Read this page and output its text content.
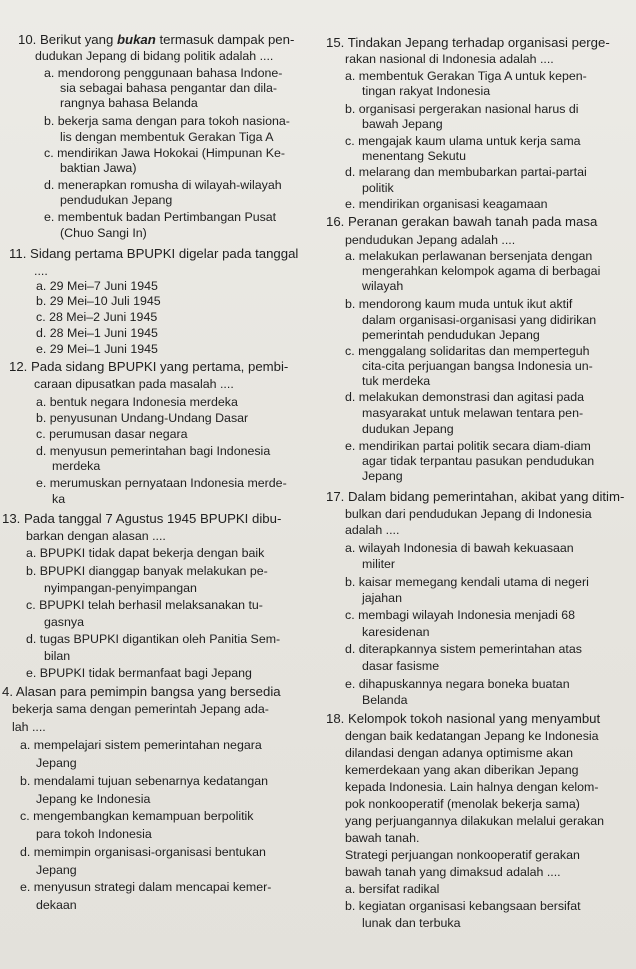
10. Berikut yang bukan termasuk dampak pen-
dudukan Jepang di bidang politik adalah ....
a. mendorong penggunaan bahasa Indone-
sia sebagai bahasa pengantar dan dila-
rangnya bahasa Belanda
b. bekerja sama dengan para tokoh nasiona-
lis dengan membentuk Gerakan Tiga A
c. mendirikan Jawa Hokokai (Himpunan Ke-
baktian Jawa)
d. menerapkan romusha di wilayah-wilayah
pendudukan Jepang
e. membentuk badan Pertimbangan Pusat
(Chuo Sangi In)
11. Sidang pertama BPUPKI digelar pada tanggal
....
a. 29 Mei–7 Juni 1945
b. 29 Mei–10 Juli 1945
c. 28 Mei–2 Juni 1945
d. 28 Mei–1 Juni 1945
e. 29 Mei–1 Juni 1945
12. Pada sidang BPUPKI yang pertama, pembi-
caraan dipusatkan pada masalah ....
a. bentuk negara Indonesia merdeka
b. penyusunan Undang-Undang Dasar
c. perumusan dasar negara
d. menyusun pemerintahan bagi Indonesia
merdeka
e. merumuskan pernyataan Indonesia merde-
ka
13. Pada tanggal 7 Agustus 1945 BPUPKI dibu-
barkan dengan alasan ....
a. BPUPKI tidak dapat bekerja dengan baik
b. BPUPKI dianggap banyak melakukan pe-
nyimpangan-penyimpangan
c. BPUPKI telah berhasil melaksanakan tu-
gasnya
d. tugas BPUPKI digantikan oleh Panitia Sem-
bilan
e. BPUPKI tidak bermanfaat bagi Jepang
4. Alasan para pemimpin bangsa yang bersedia
bekerja sama dengan pemerintah Jepang ada-
lah ....
a. mempelajari sistem pemerintahan negara
Jepang
b. mendalami tujuan sebenarnya kedatangan
Jepang ke Indonesia
c. mengembangkan kemampuan berpolitik
para tokoh Indonesia
d. memimpin organisasi-organisasi bentukan
Jepang
e. menyusun strategi dalam mencapai kemer-
dekaan
15. Tindakan Jepang terhadap organisasi perge-
rakan nasional di Indonesia adalah ....
a. membentuk Gerakan Tiga A untuk kepen-
tingan rakyat Indonesia
b. organisasi pergerakan nasional harus di
bawah Jepang
c. mengajak kaum ulama untuk kerja sama
menentang Sekutu
d. melarang dan membubarkan partai-partai
politik
e. mendirikan organisasi keagamaan
16. Peranan gerakan bawah tanah pada masa
pendudukan Jepang adalah ....
a. melakukan perlawanan bersenjata dengan
mengerahkan kelompok agama di berbagai
wilayah
b. mendorong kaum muda untuk ikut aktif
dalam organisasi-organisasi yang didirikan
pemerintah pendudukan Jepang
c. menggalang solidaritas dan memperteguh
cita-cita perjuangan bangsa Indonesia un-
tuk merdeka
d. melakukan demonstrasi dan agitasi pada
masyarakat untuk melawan tentara pen-
dudukan Jepang
e. mendirikan partai politik secara diam-diam
agar tidak terpantau pasukan pendudukan
Jepang
17. Dalam bidang pemerintahan, akibat yang ditim-
bulkan dari pendudukan Jepang di Indonesia
adalah ....
a. wilayah Indonesia di bawah kekuasaan
militer
b. kaisar memegang kendali utama di negeri
jajahan
c. membagi wilayah Indonesia menjadi 68
karesidenan
d. diterapkannya sistem pemerintahan atas
dasar fasisme
e. dihapuskannya negara boneka buatan
Belanda
18. Kelompok tokoh nasional yang menyambut
dengan baik kedatangan Jepang ke Indonesia
dilandasi dengan adanya optimisme akan
kemerdekaan yang akan diberikan Jepang
kepada Indonesia. Lain halnya dengan kelom-
pok nonkooperatif (menolak bekerja sama)
yang perjuangannya dilakukan melalui gerakan
bawah tanah.
Strategi perjuangan nonkooperatif gerakan
bawah tanah yang dimaksud adalah ....
a. bersifat radikal
b. kegiatan organisasi kebangsaan bersifat
lunak dan terbuka
